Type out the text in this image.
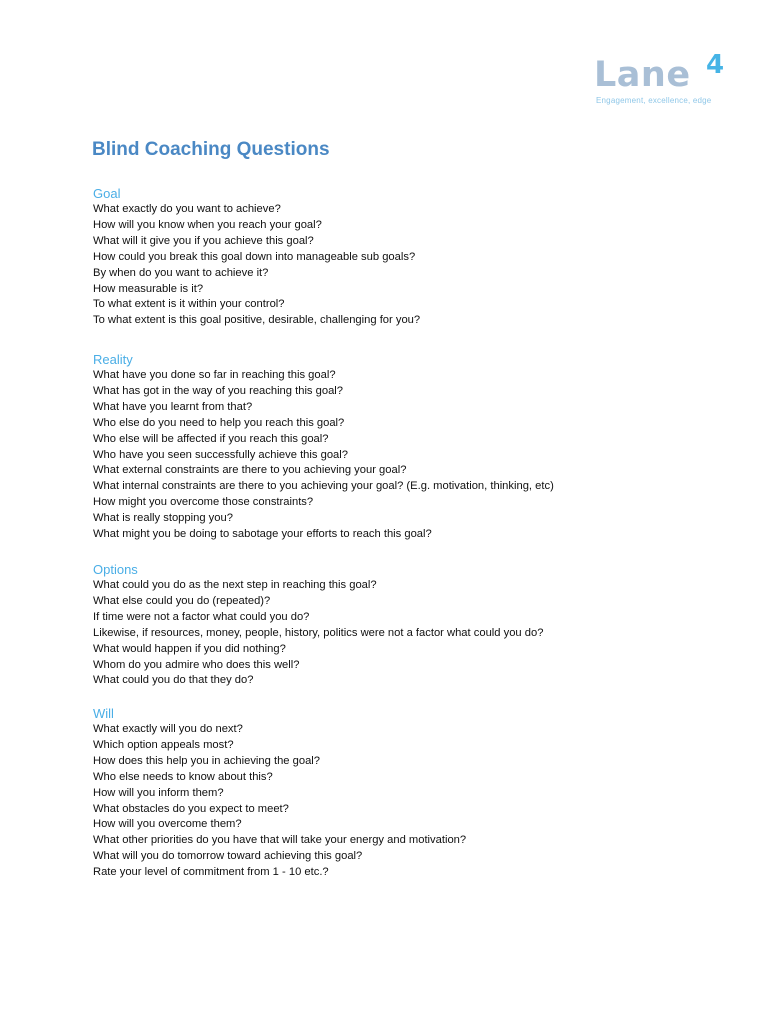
Lane 4
Engagement, excellence, edge
Blind Coaching Questions
Goal
What exactly do you want to achieve?
How will you know when you reach your goal?
What will it give you if you achieve this goal?
How could you break this goal down into manageable sub goals?
By when do you want to achieve it?
How measurable is it?
To what extent is it within your control?
To what extent is this goal positive, desirable, challenging for you?
Reality
What have you done so far in reaching this goal?
What has got in the way of you reaching this goal?
What have you learnt from that?
Who else do you need to help you reach this goal?
Who else will be affected if you reach this goal?
Who have you seen successfully achieve this goal?
What external constraints are there to you achieving your goal?
What internal constraints are there to you achieving your goal? (E.g. motivation, thinking, etc)
How might you overcome those constraints?
What is really stopping you?
What might you be doing to sabotage your efforts to reach this goal?
Options
What could you do as the next step in reaching this goal?
What else could you do (repeated)?
If time were not a factor what could you do?
Likewise, if resources, money, people, history, politics were not a factor what could you do?
What would happen if you did nothing?
Whom do you admire who does this well?
What could you do that they do?
Will
What exactly will you do next?
Which option appeals most?
How does this help you in achieving the goal?
Who else needs to know about this?
How will you inform them?
What obstacles do you expect to meet?
How will you overcome them?
What other priorities do you have that will take your energy and motivation?
What will you do tomorrow toward achieving this goal?
Rate your level of commitment from 1 - 10 etc.?
